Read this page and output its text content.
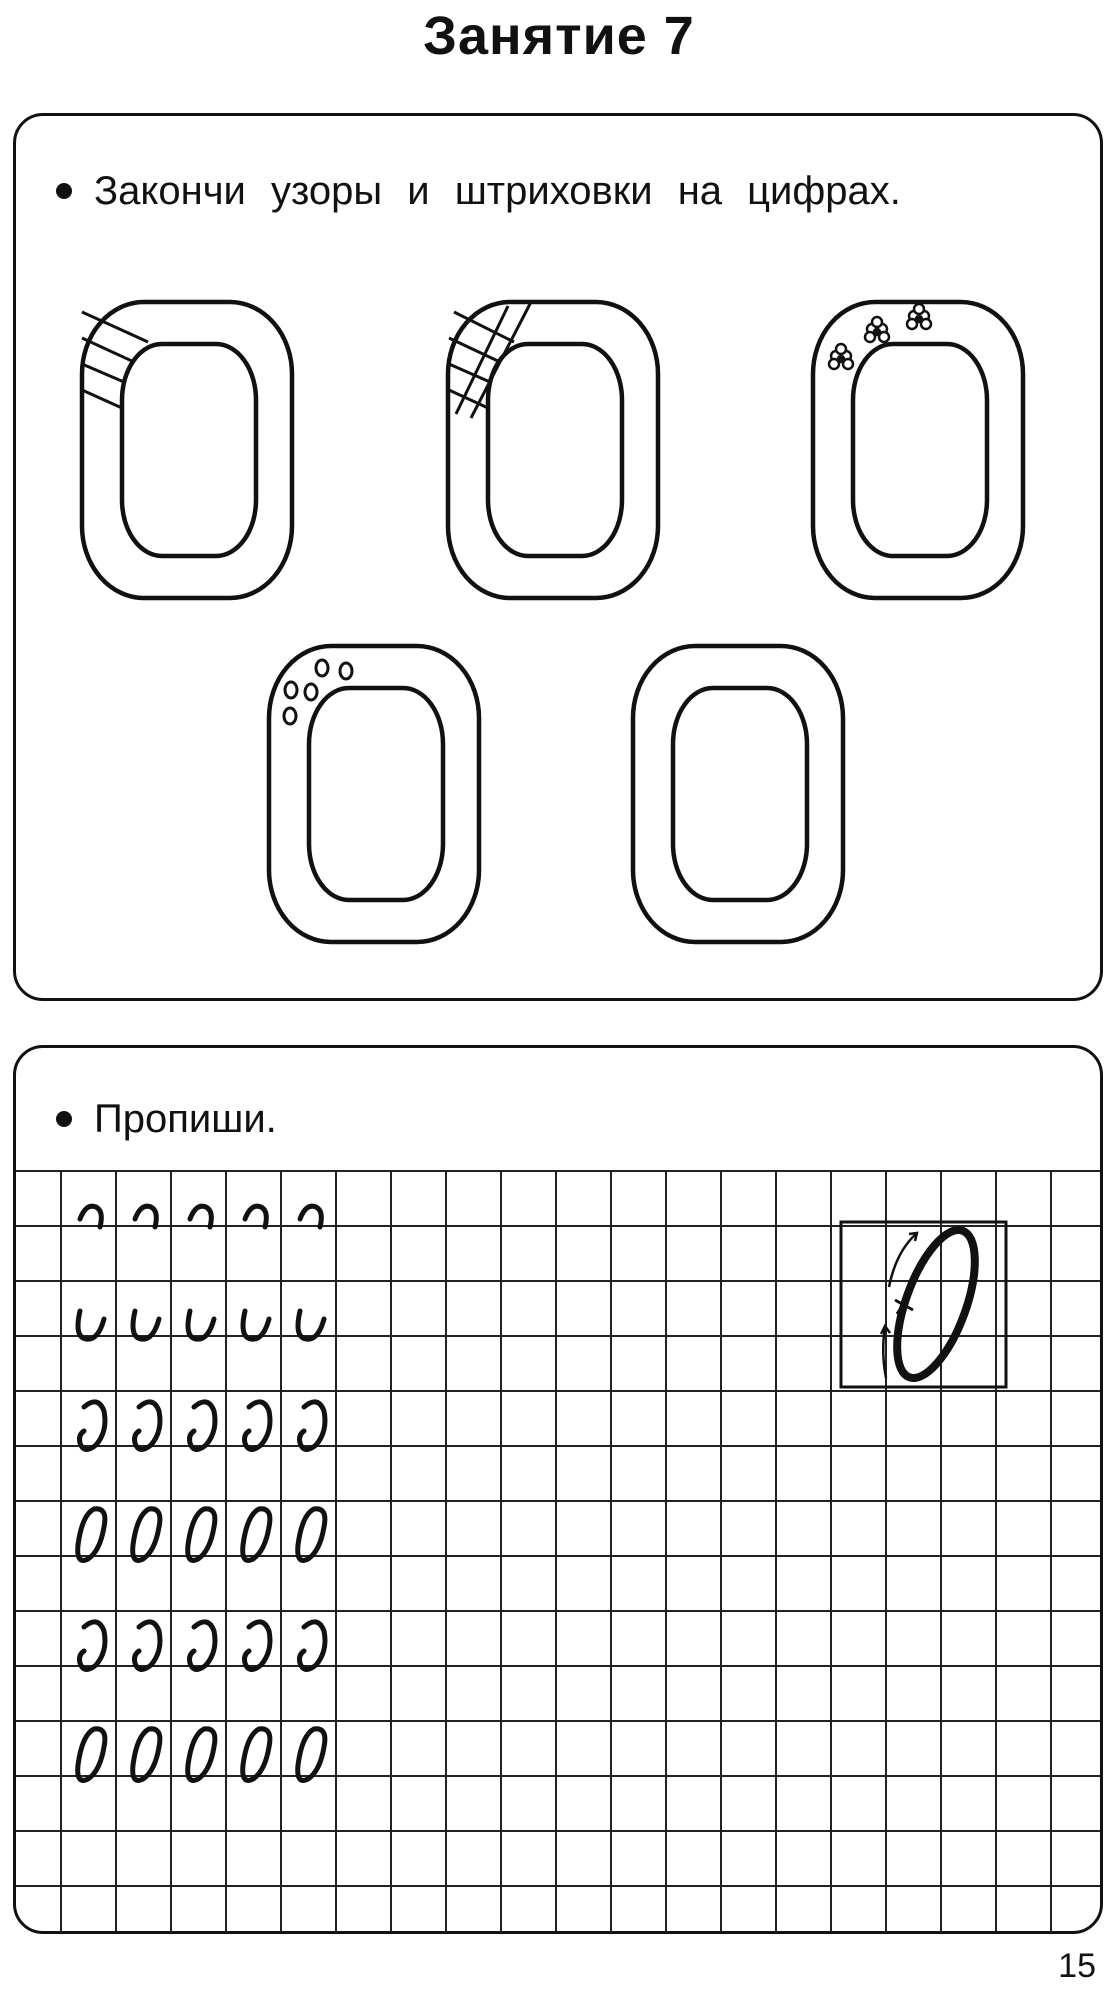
Занятие 7
Закончи узоры и штриховки на цифрах.
Пропиши.
15
